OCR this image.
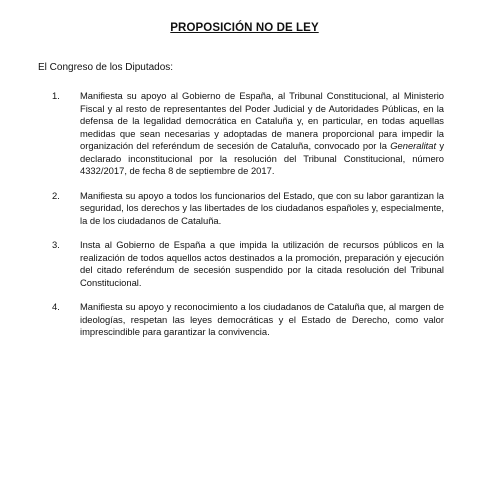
PROPOSICIÓN NO DE LEY
El Congreso de los Diputados:
1.	Manifiesta su apoyo al Gobierno de España, al Tribunal Constitucional, al Ministerio Fiscal y al resto de representantes del Poder Judicial y de Autoridades Públicas, en la defensa de la legalidad democrática en Cataluña y, en particular, en todas aquellas medidas que sean necesarias y adoptadas de manera proporcional para impedir la organización del referéndum de secesión de Cataluña, convocado por la Generalitat y declarado inconstitucional por la resolución del Tribunal Constitucional, número 4332/2017, de fecha 8 de septiembre de 2017.
2.	Manifiesta su apoyo a todos los funcionarios del Estado, que con su labor garantizan la seguridad, los derechos y las libertades de los ciudadanos españoles y, especialmente, la de los ciudadanos de Cataluña.
3.	Insta al Gobierno de España a que impida la utilización de recursos públicos en la realización de todos aquellos actos destinados a la promoción, preparación y ejecución del citado referéndum de secesión suspendido por la citada resolución del Tribunal Constitucional.
4.	Manifiesta su apoyo y reconocimiento a los ciudadanos de Cataluña que, al margen de ideologías, respetan las leyes democráticas y el Estado de Derecho, como valor imprescindible para garantizar la convivencia.
